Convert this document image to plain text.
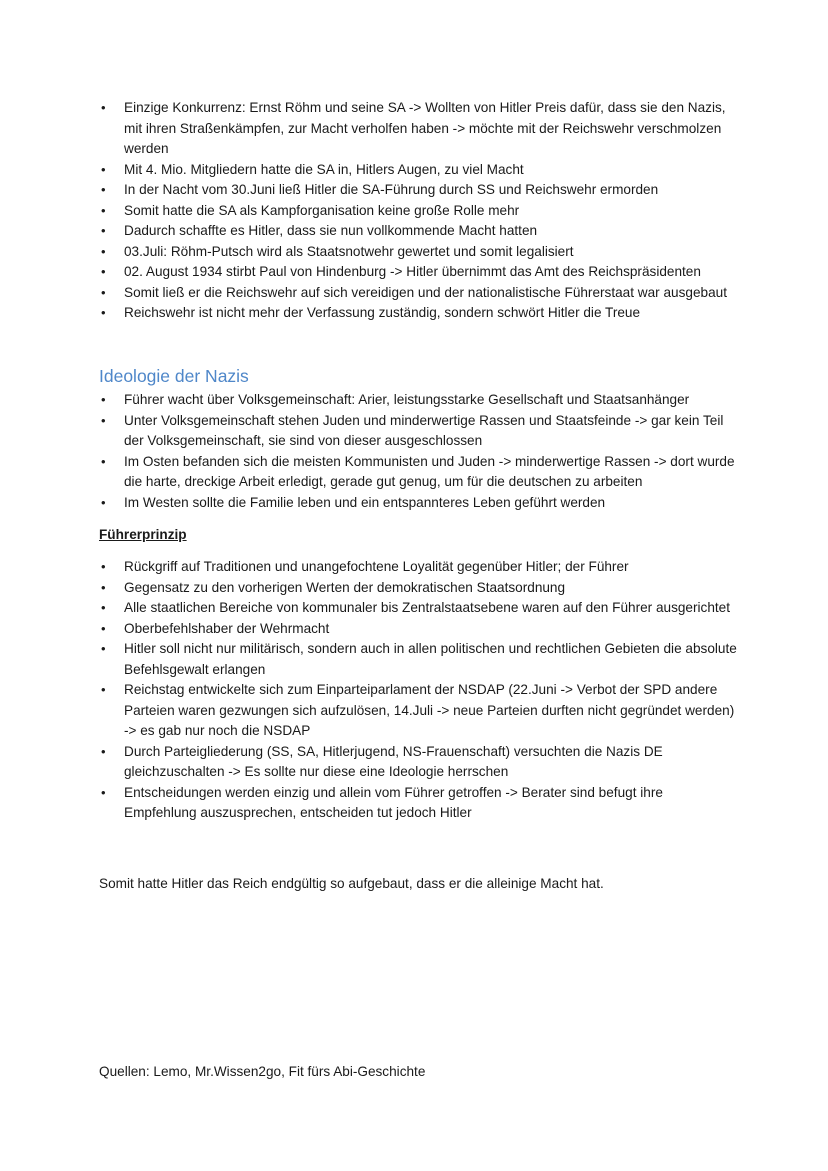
• Einzige Konkurrenz: Ernst Röhm und seine SA -> Wollten von Hitler Preis dafür, dass sie den Nazis, mit ihren Straßenkämpfen, zur Macht verholfen haben -> möchte mit der Reichswehr verschmolzen werden
• Mit 4. Mio. Mitgliedern hatte die SA in, Hitlers Augen, zu viel Macht
• In der Nacht vom 30.Juni ließ Hitler die SA-Führung durch SS und Reichswehr ermorden
• Somit hatte die SA als Kampforganisation keine große Rolle mehr
• Dadurch schaffte es Hitler, dass sie nun vollkommende Macht hatten
• 03.Juli: Röhm-Putsch wird als Staatsnotwehr gewertet und somit legalisiert
• 02. August 1934 stirbt Paul von Hindenburg -> Hitler übernimmt das Amt des Reichspräsidenten
• Somit ließ er die Reichswehr auf sich vereidigen und der nationalistische Führerstaat war ausgebaut
• Reichswehr ist nicht mehr der Verfassung zuständig, sondern schwört Hitler die Treue
Ideologie der Nazis
• Führer wacht über Volksgemeinschaft: Arier, leistungsstarke Gesellschaft und Staatsanhänger
• Unter Volksgemeinschaft stehen Juden und minderwertige Rassen und Staatsfeinde -> gar kein Teil der Volksgemeinschaft, sie sind von dieser ausgeschlossen
• Im Osten befanden sich die meisten Kommunisten und Juden -> minderwertige Rassen -> dort wurde die harte, dreckige Arbeit erledigt, gerade gut genug, um für die deutschen zu arbeiten
• Im Westen sollte die Familie leben und ein entspannteres Leben geführt werden

Führerprinzip

• Rückgriff auf Traditionen und unangefochtene Loyalität gegenüber Hitler; der Führer
• Gegensatz zu den vorherigen Werten der demokratischen Staatsordnung
• Alle staatlichen Bereiche von kommunaler bis Zentralstaatsebene waren auf den Führer ausgerichtet
• Oberbefehlshaber der Wehrmacht
• Hitler soll nicht nur militärisch, sondern auch in allen politischen und rechtlichen Gebieten die absolute Befehlsgewalt erlangen
• Reichstag entwickelte sich zum Einparteiparlament der NSDAP (22.Juni -> Verbot der SPD andere Parteien waren gezwungen sich aufzulösen, 14.Juli -> neue Parteien durften nicht gegründet werden) -> es gab nur noch die NSDAP
• Durch Parteigliederung (SS, SA, Hitlerjugend, NS-Frauenschaft) versuchten die Nazis DE gleichzuschalten -> Es sollte nur diese eine Ideologie herrschen
• Entscheidungen werden einzig und allein vom Führer getroffen -> Berater sind befugt ihre Empfehlung auszusprechen, entscheiden tut jedoch Hitler

Somit hatte Hitler das Reich endgültig so aufgebaut, dass er die alleinige Macht hat.

Quellen: Lemo, Mr.Wissen2go, Fit fürs Abi-Geschichte
